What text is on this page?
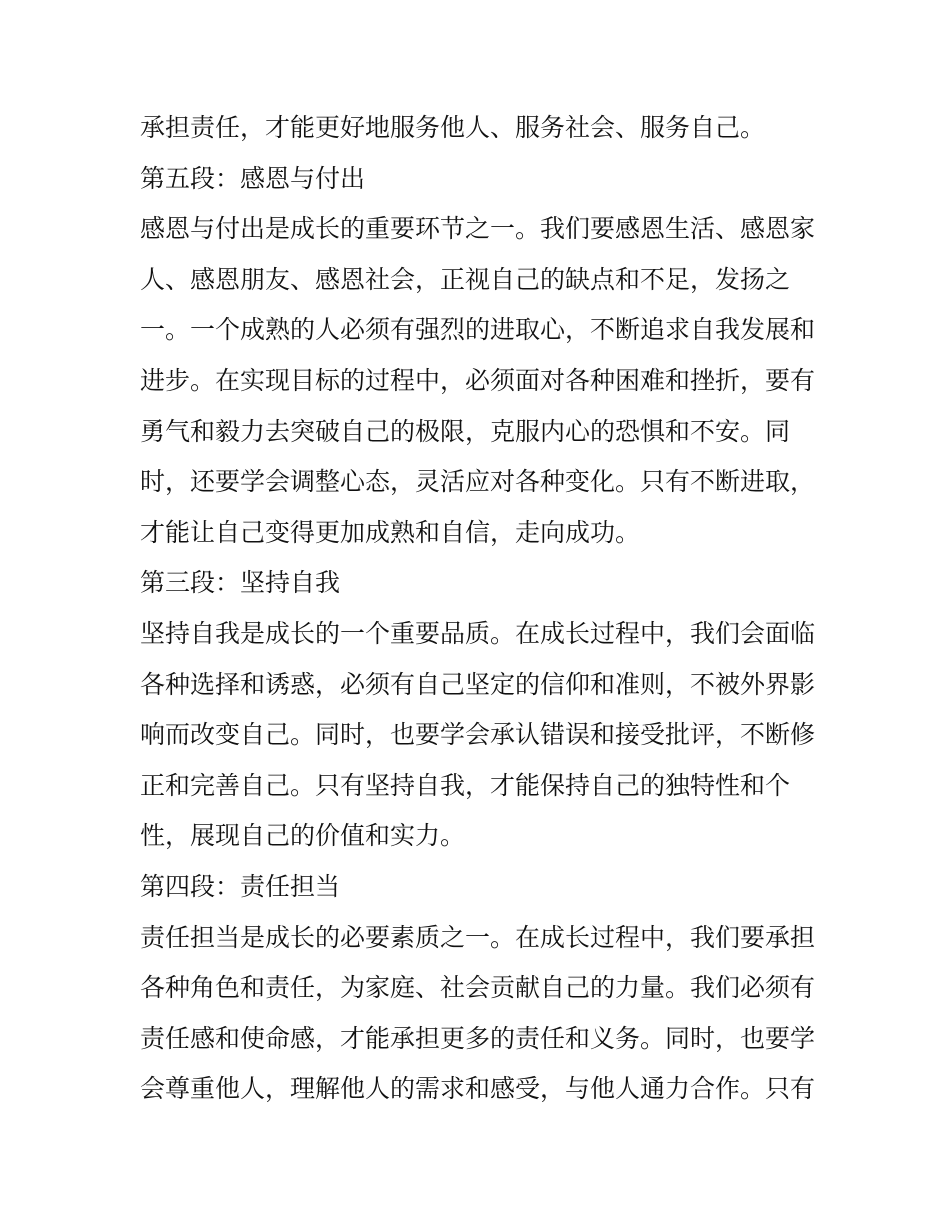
承担责任，才能更好地服务他人、服务社会、服务自己。
第五段：感恩与付出
感恩与付出是成长的重要环节之一。我们要感恩生活、感恩家
人、感恩朋友、感恩社会，正视自己的缺点和不足，发扬之
一。一个成熟的人必须有强烈的进取心，不断追求自我发展和
进步。在实现目标的过程中，必须面对各种困难和挫折，要有
勇气和毅力去突破自己的极限，克服内心的恐惧和不安。同
时，还要学会调整心态，灵活应对各种变化。只有不断进取，
才能让自己变得更加成熟和自信，走向成功。
第三段：坚持自我
坚持自我是成长的一个重要品质。在成长过程中，我们会面临
各种选择和诱惑，必须有自己坚定的信仰和准则，不被外界影
响而改变自己。同时，也要学会承认错误和接受批评，不断修
正和完善自己。只有坚持自我，才能保持自己的独特性和个
性，展现自己的价值和实力。
第四段：责任担当
责任担当是成长的必要素质之一。在成长过程中，我们要承担
各种角色和责任，为家庭、社会贡献自己的力量。我们必须有
责任感和使命感，才能承担更多的责任和义务。同时，也要学
会尊重他人，理解他人的需求和感受，与他人通力合作。只有
